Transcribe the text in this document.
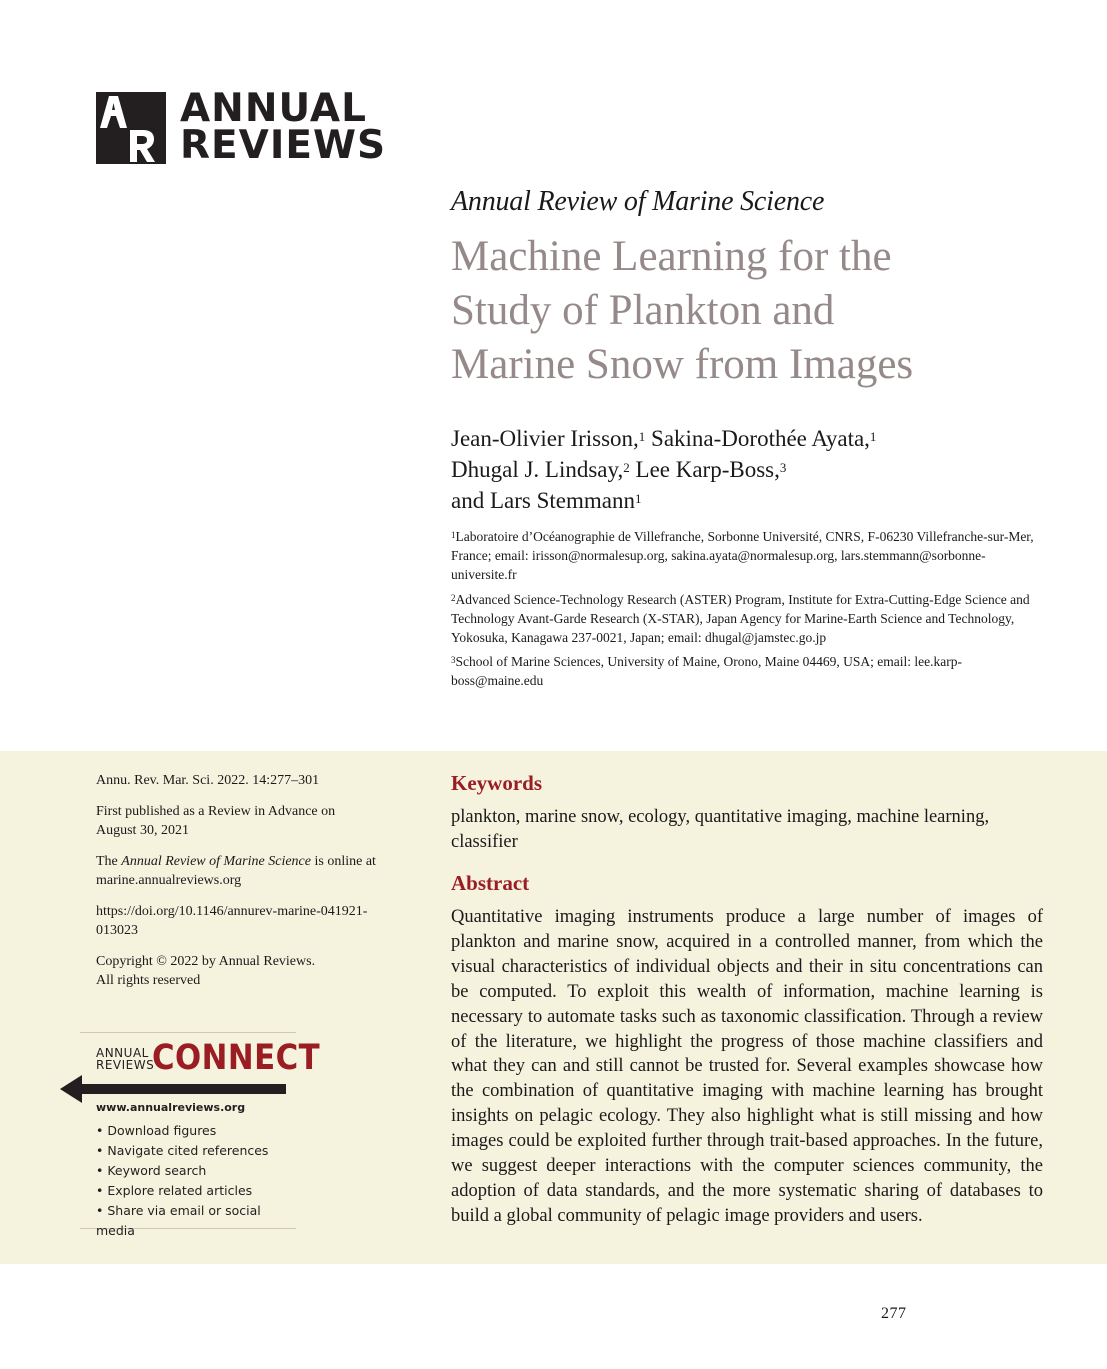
ANNUAL
REVIEWS
Annual Review of Marine Science
Machine Learning for the
Study of Plankton and
Marine Snow from Images
Jean-Olivier Irisson,$^1$ Sakina-Dorothée Ayata,$^1$
Dhugal J. Lindsay,$^2$ Lee Karp-Boss,$^3$
and Lars Stemmann$^1$
$^1$Laboratoire d’Océanographie de Villefranche, Sorbonne Université, CNRS, F-06230 Villefranche-sur-Mer, France; email: irisson@normalesup.org, sakina.ayata@normalesup.org, lars.stemmann@sorbonne-universite.fr
$^2$Advanced Science-Technology Research (ASTER) Program, Institute for Extra-Cutting-Edge Science and Technology Avant-Garde Research (X-STAR), Japan Agency for Marine-Earth Science and Technology, Yokosuka, Kanagawa 237-0021, Japan; email: dhugal@jamstec.go.jp
$^3$School of Marine Sciences, University of Maine, Orono, Maine 04469, USA; email: lee.karp-boss@maine.edu
Annu. Rev. Mar. Sci. 2022. 14:277–301
First published as a Review in Advance on August 30, 2021
The Annual Review of Marine Science is online at marine.annualreviews.org
https://doi.org/10.1146/annurev-marine-041921-013023
Copyright © 2022 by Annual Reviews.
All rights reserved
ANNUAL
REVIEWS
CONNECT
www.annualreviews.org
• Download figures
• Navigate cited references
• Keyword search
• Explore related articles
• Share via email or social media
Keywords
plankton, marine snow, ecology, quantitative imaging, machine learning, classifier
Abstract
Quantitative imaging instruments produce a large number of images of plankton and marine snow, acquired in a controlled manner, from which the visual characteristics of individual objects and their in situ concentrations can be computed. To exploit this wealth of information, machine learning is necessary to automate tasks such as taxonomic classification. Through a review of the literature, we highlight the progress of those machine classifiers and what they can and still cannot be trusted for. Several examples showcase how the combination of quantitative imaging with machine learning has brought insights on pelagic ecology. They also highlight what is still missing and how images could be exploited further through trait-based approaches. In the future, we suggest deeper interactions with the computer sciences community, the adoption of data standards, and the more systematic sharing of databases to build a global community of pelagic image providers and users.
277
